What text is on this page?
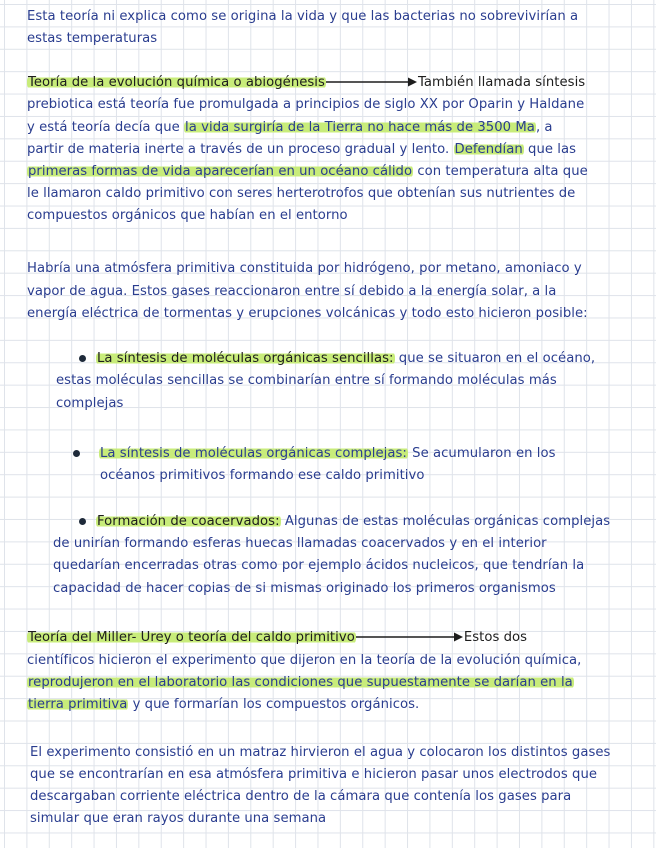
Esta teoría ni explica como se origina la vida y que las bacterias no sobrevivirían a
estas temperaturas
Teoría de la evolución química o abiogénesis	También llamada síntesis
prebiotica está teoría fue promulgada a principios de siglo XX por Oparin y Haldane
y está teoría decía que la vida surgiría de la Tierra no hace más de 3500 Ma, a
partir de materia inerte a través de un proceso gradual y lento. Defendían que las
primeras formas de vida aparecerían en un océano cálido con temperatura alta que
le llamaron caldo primitivo con seres herterotrofos que obtenían sus nutrientes de
compuestos orgánicos que habían en el entorno
Habría una atmósfera primitiva constituida por hidrógeno, por metano, amoniaco y
vapor de agua. Estos gases reaccionaron entre sí debido a la energía solar, a la
energía eléctrica de tormentas y erupciones volcánicas y todo esto hicieron posible:
La síntesis de moléculas orgánicas sencillas: que se situaron en el océano,
estas moléculas sencillas se combinarían entre sí formando moléculas más
complejas
La síntesis de moléculas orgánicas complejas: Se acumularon en los
océanos primitivos formando ese caldo primitivo
Formación de coacervados: Algunas de estas moléculas orgánicas complejas
de unirían formando esferas huecas llamadas coacervados y en el interior
quedarían encerradas otras como por ejemplo ácidos nucleicos, que tendrían la
capacidad de hacer copias de si mismas originado los primeros organismos
Teoría del Miller- Urey o teoría del caldo primitivo	Estos dos
científicos hicieron el experimento que dijeron en la teoría de la evolución química,
reprodujeron en el laboratorio las condiciones que supuestamente se darían en la
tierra primitiva y que formarían los compuestos orgánicos.
El experimento consistió en un matraz hirvieron el agua y colocaron los distintos gases
que se encontrarían en esa atmósfera primitiva e hicieron pasar unos electrodos que
descargaban corriente eléctrica dentro de la cámara que contenía los gases para
simular que eran rayos durante una semana
